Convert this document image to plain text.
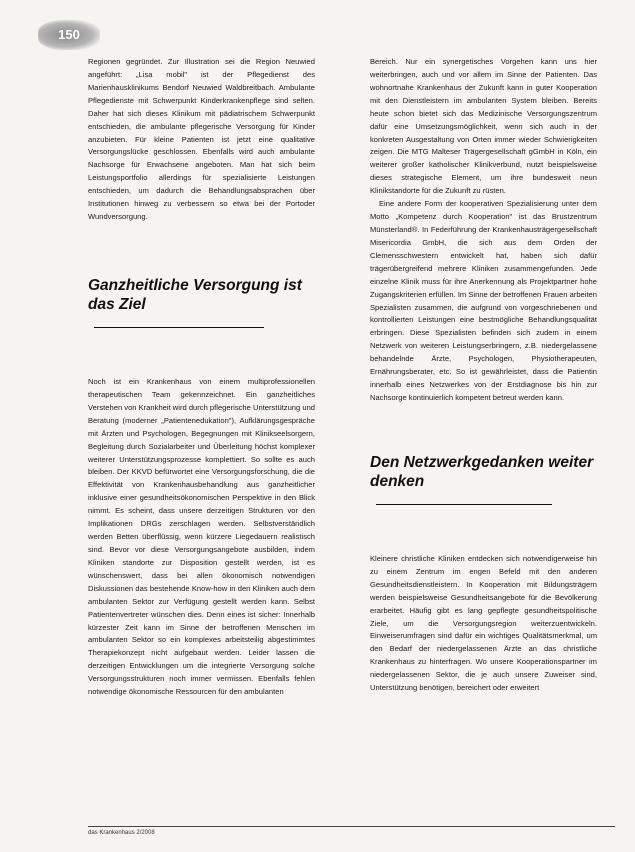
150

Regionen gegründet. Zur Illustration sei die Region Neuwied angeführt: „Lisa mobil" ist der Pflegedienst des Marienhausklinikums Bendorf Neuwied Waldbreitbach. Ambulante Pflegedienste mit Schwerpunkt Kinderkrankenpflege sind selten. Daher hat sich dieses Klinikum mit pädiatrischem Schwerpunkt entschieden, die ambulante pflegerische Versorgung für Kinder anzubieten. Für kleine Patienten ist jetzt eine qualitative Versorgungslücke geschlossen. Ebenfalls wird auch ambulante Nachsorge für Erwachsene angeboten. Man hat sich beim Leistungsportfolio allerdings für spezialisierte Leistungen entschieden, um dadurch die Behandlungsabsprachen über Institutionen hinweg zu verbessern so etwa bei der Portoder Wundversorgung.

Ganzheitliche Versorgung ist das Ziel

Noch ist ein Krankenhaus von einem multiprofessionellen therapeutischen Team gekennzeichnet. Ein ganzheitliches Verstehen von Krankheit wird durch pflegerische Unterstützung und Beratung (moderner „Patientenedukation"), Aufklärungsgespräche mit Ärzten und Psychologen, Begegnungen mit Klinikseelsorgern, Begleitung durch Sozialarbeiter und Überleitung höchst komplexer weiterer Unterstützungsprozesse komplettiert. So sollte es auch bleiben. Der KKVD befürwortet eine Versorgungsforschung, die die Effektivität von Krankenhausbehandlung aus ganzheitlicher inklusive einer gesundheitsökonomischen Perspektive in den Blick nimmt. Es scheint, dass unsere derzeitigen Strukturen vor den Implikationen DRGs zerschlagen werden. Selbstverständlich werden Betten überflüssig, wenn kürzere Liegedauern realistisch sind. Bevor vor diese Versorgungsangebote ausbilden, indem Kliniken standorte zur Disposition gestellt werden, ist es wünschenswert, dass bei allen ökonomisch notwendigen Diskussionen das bestehende Know-how in den Kliniken auch dem ambulanten Sektor zur Verfügung gestellt werden kann. Selbst Patientenvertreter wünschen dies. Denn eines ist sicher: Innerhalb kürzester Zeit kann im Sinne der betroffenen Menschen im ambulanten Sektor so ein komplexes arbeitsteilig abgestimmtes Therapiekonzept nicht aufgebaut werden. Leider lassen die derzeitigen Entwicklungen um die integrierte Versorgung solche Versorgungsstrukturen noch immer vermissen. Ebenfalls fehlen notwendige ökonomische Ressourcen für den ambulanten

Bereich. Nur ein synergetisches Vorgehen kann uns hier weiterbringen, auch und vor allem im Sinne der Patienten. Das wohnortnahe Krankenhaus der Zukunft kann in guter Kooperation mit den Dienstleistern im ambulanten System bleiben. Bereits heute schon bietet sich das Medizinische Versorgungszentrum dafür eine Umsetzungsmöglichkeit, wenn sich auch in der konkreten Ausgestaltung von Orten immer wieder Schwierigkeiten zeigen. Die MTG Malteser Trägergesellschaft gGmbH in Köln, ein weiterer großer katholischer Klinikverbund, nutzt beispielsweise dieses strategische Element, um ihre bundesweit neun Klinikstandorte für die Zukunft zu rüsten.

Eine andere Form der kooperativen Spezialisierung unter dem Motto „Kompetenz durch Kooperation" ist das Brustzentrum Münsterland®. In Federführung der Krankenhausträgergesellschaft Misericordia GmbH, die sich aus dem Orden der Clemensschwestern entwickelt hat, haben sich dafür trägerübergreifend mehrere Kliniken zusammengefunden. Jede einzelne Klinik muss für ihre Anerkennung als Projektpartner hohe Zugangskriterien erfüllen. Im Sinne der betroffenen Frauen arbeiten Spezialisten zusammen, die aufgrund von vorgeschriebenen und kontrollierten Leistungen eine bestmögliche Behandlungsqualität erbringen. Diese Spezialisten befinden sich zudem in einem Netzwerk von weiteren Leistungserbringern, z.B. niedergelassene behandelnde Ärzte, Psychologen, Physiotherapeuten, Ernährungsberater, etc. So ist gewährleistet, dass die Patientin innerhalb eines Netzwerkes von der Erstdiagnose bis hin zur Nachsorge kontinuierlich kompetent betreut werden kann.

Den Netzwerkgedanken weiter denken

Kleinere christliche Kliniken entdecken sich notwendigerweise hin zu einem Zentrum im engen Befeld mit den anderen Gesundheitsdienstleistern. In Kooperation mit Bildungsträgern werden beispielsweise Gesundheitsangebote für die Bevölkerung erarbeitet. Häufig gibt es lang gepflegte gesundheitspolitische Ziele, um die Versorgungsregion weiterzuentwickeln. Einweiserumfragen sind dafür ein wichtiges Qualitätsmerkmal, um den Bedarf der niedergelassenen Ärzte an das christliche Krankenhaus zu hinterfragen. Wo unsere Kooperationspartner im niedergelassenen Sektor, die je auch unsere Zuweiser sind, Unterstützung benötigen, bereichert oder erweitert

das Krankenhaus 2/2008
